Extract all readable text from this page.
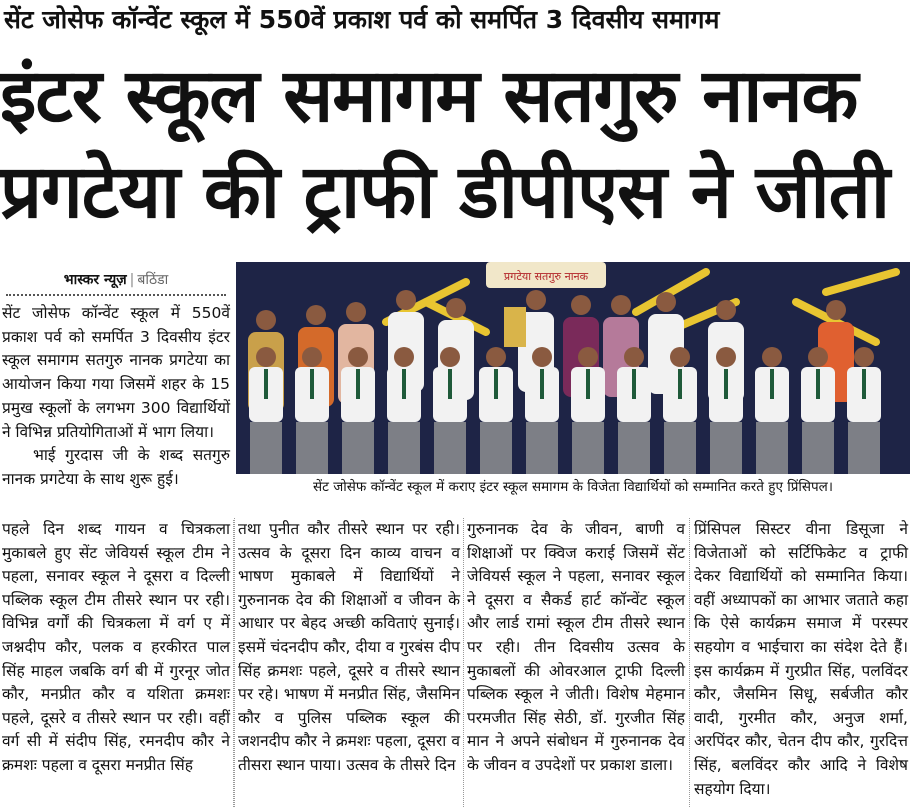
सेंट जोसेफ कॉन्वेंट स्कूल में 550वें प्रकाश पर्व को समर्पित 3 दिवसीय समागम
इंटर स्कूल समागम सतगुरु नानक
प्रगटेया की ट्राफी डीपीएस ने जीती
भास्कर न्यूज़ | बठिंडा

सेंट जोसेफ कॉन्वेंट स्कूल में 550वें प्रकाश पर्व को समर्पित 3 दिवसीय इंटर स्कूल समागम सतगुरु नानक प्रगटेया का आयोजन किया गया जिसमें शहर के 15 प्रमुख स्कूलों के लगभग 300 विद्यार्थियों ने विभिन्न प्रतियोगिताओं में भाग लिया।

भाई गुरदास जी के शब्द सतगुरु नानक प्रगटेया के साथ शुरू हुई।

प्रगटेया सतगुरु नानक
सेंट जोसेफ कॉन्वेंट स्कूल में कराए इंटर स्कूल समागम के विजेता विद्यार्थियों को सम्मानित करते हुए प्रिंसिपल।

पहले दिन शब्द गायन व चित्रकला मुकाबले हुए सेंट जेवियर्स स्कूल टीम ने पहला, सनावर स्कूल ने दूसरा व दिल्ली पब्लिक स्कूल टीम तीसरे स्थान पर रही। विभिन्न वर्गों की चित्रकला में वर्ग ए में जश्नदीप कौर, पलक व हरकीरत पाल सिंह माहल जबकि वर्ग बी में गुरनूर जोत कौर, मनप्रीत कौर व यशिता क्रमशः पहले, दूसरे व तीसरे स्थान पर रही। वहीं वर्ग सी में संदीप सिंह, रमनदीप कौर ने क्रमशः पहला व दूसरा मनप्रीत सिंह

तथा पुनीत कौर तीसरे स्थान पर रही। उत्सव के दूसरा दिन काव्य वाचन व भाषण मुकाबले में विद्यार्थियों ने गुरुनानक देव की शिक्षाओं व जीवन के आधार पर बेहद अच्छी कविताएं सुनाई। इसमें चंदनदीप कौर, दीया व गुरबंस दीप सिंह क्रमशः पहले, दूसरे व तीसरे स्थान पर रहे। भाषण में मनप्रीत सिंह, जैसमिन कौर व पुलिस पब्लिक स्कूल की जशनदीप कौर ने क्रमशः पहला, दूसरा व तीसरा स्थान पाया। उत्सव के तीसरे दिन

गुरुनानक देव के जीवन, बाणी व शिक्षाओं पर क्विज कराई जिसमें सेंट जेवियर्स स्कूल ने पहला, सनावर स्कूल ने दूसरा व सैकर्ड हार्ट कॉन्वेंट स्कूल और लार्ड रामां स्कूल टीम तीसरे स्थान पर रही। तीन दिवसीय उत्सव के मुकाबलों की ओवरआल ट्राफी दिल्ली पब्लिक स्कूल ने जीती। विशेष मेहमान परमजीत सिंह सेठी, डॉ. गुरजीत सिंह मान ने अपने संबोधन में गुरुनानक देव के जीवन व उपदेशों पर प्रकाश डाला।

प्रिंसिपल सिस्टर वीना डिसूजा ने विजेताओं को सर्टिफिकेट व ट्राफी देकर विद्यार्थियों को सम्मानित किया। वहीं अध्यापकों का आभार जताते कहा कि ऐसे कार्यक्रम समाज में परस्पर सहयोग व भाईचारा का संदेश देते हैं। इस कार्यक्रम में गुरप्रीत सिंह, पलविंदर कौर, जैसमिन सिधू, सर्बजीत कौर वादी, गुरमीत कौर, अनुज शर्मा, अरपिंदर कौर, चेतन दीप कौर, गुरदित्त सिंह, बलविंदर कौर आदि ने विशेष सहयोग दिया।
